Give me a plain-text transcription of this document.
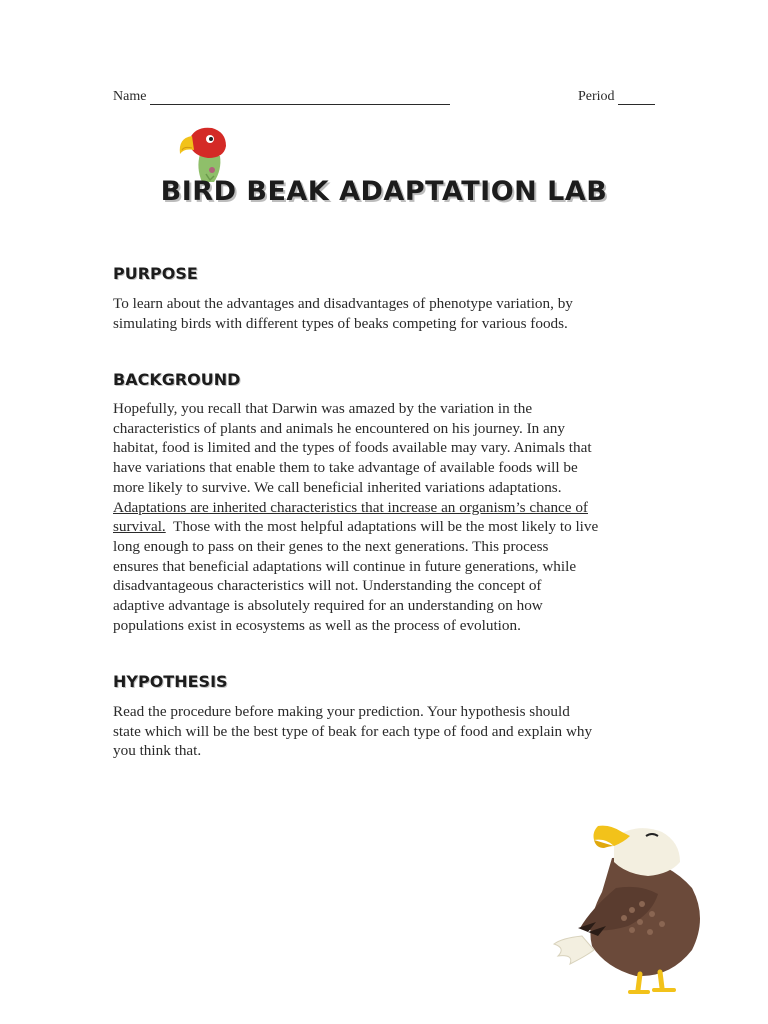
Name	Period
BIRD BEAK ADAPTATION LAB
PURPOSE
To learn about the advantages and disadvantages of phenotype variation, by
simulating birds with different types of beaks competing for various foods.
BACKGROUND
Hopefully, you recall that Darwin was amazed by the variation in the
characteristics of plants and animals he encountered on his journey. In any
habitat, food is limited and the types of foods available may vary. Animals that
have variations that enable them to take advantage of available foods will be
more likely to survive. We call beneficial inherited variations adaptations.
Adaptations are inherited characteristics that increase an organism’s chance of
survival.  Those with the most helpful adaptations will be the most likely to live
long enough to pass on their genes to the next generations. This process
ensures that beneficial adaptations will continue in future generations, while
disadvantageous characteristics will not. Understanding the concept of
adaptive advantage is absolutely required for an understanding on how
populations exist in ecosystems as well as the process of evolution.
HYPOTHESIS
Read the procedure before making your prediction. Your hypothesis should
state which will be the best type of beak for each type of food and explain why
you think that.
